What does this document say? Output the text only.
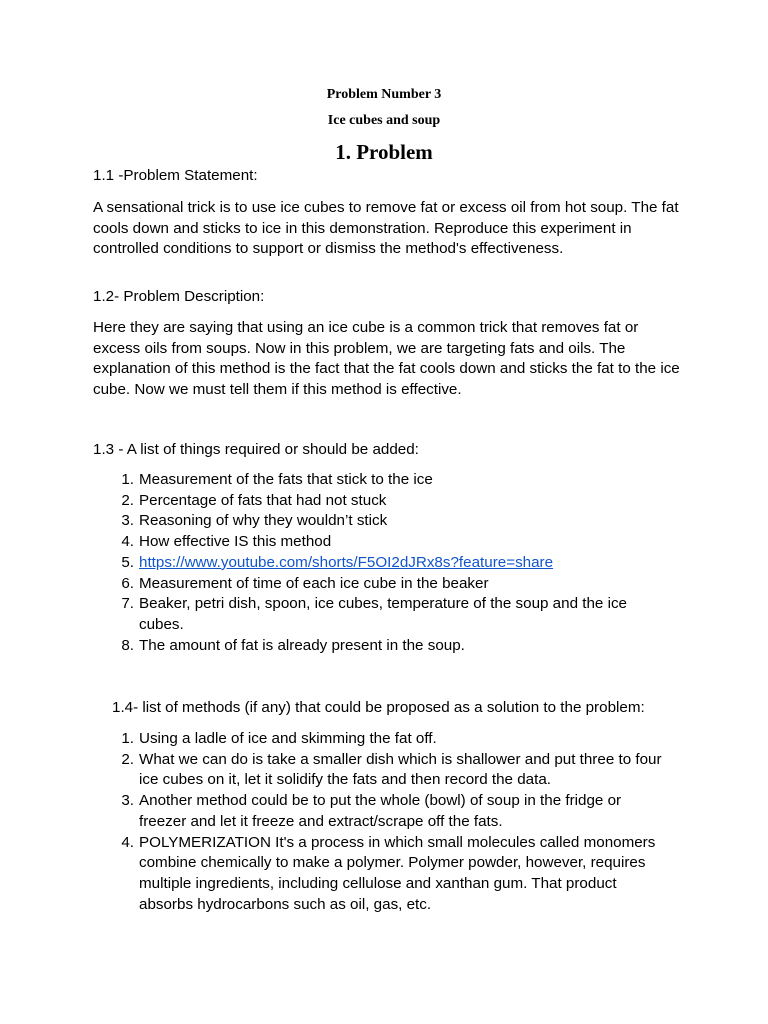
Problem Number 3
Ice cubes and soup
1. Problem
1.1 -Problem Statement:
A sensational trick is to use ice cubes to remove fat or excess oil from hot soup. The fat cools down and sticks to ice in this demonstration. Reproduce this experiment in controlled conditions to support or dismiss the method's effectiveness.
1.2- Problem Description:
Here they are saying that using an ice cube is a common trick that removes fat or excess oils from soups. Now in this problem, we are targeting fats and oils. The explanation of this method is the fact that the fat cools down and sticks the fat to the ice cube. Now we must tell them if this method is effective.
1.3 - A list of things required or should be added:
1. Measurement of the fats that stick to the ice
2. Percentage of fats that had not stuck
3. Reasoning of why they wouldn’t stick
4. How effective IS this method
5. https://www.youtube.com/shorts/F5OI2dJRx8s?feature=share
6. Measurement of time of each ice cube in the beaker
7. Beaker, petri dish, spoon, ice cubes, temperature of the soup and the ice cubes.
8. The amount of fat is already present in the soup.
1.4- list of methods (if any) that could be proposed as a solution to the problem:
1. Using a ladle of ice and skimming the fat off.
2. What we can do is take a smaller dish which is shallower and put three to four ice cubes on it, let it solidify the fats and then record the data.
3. Another method could be to put the whole (bowl) of soup in the fridge or freezer and let it freeze and extract/scrape off the fats.
4. POLYMERIZATION It's a process in which small molecules called monomers combine chemically to make a polymer. Polymer powder, however, requires multiple ingredients, including cellulose and xanthan gum. That product absorbs hydrocarbons such as oil, gas, etc.
